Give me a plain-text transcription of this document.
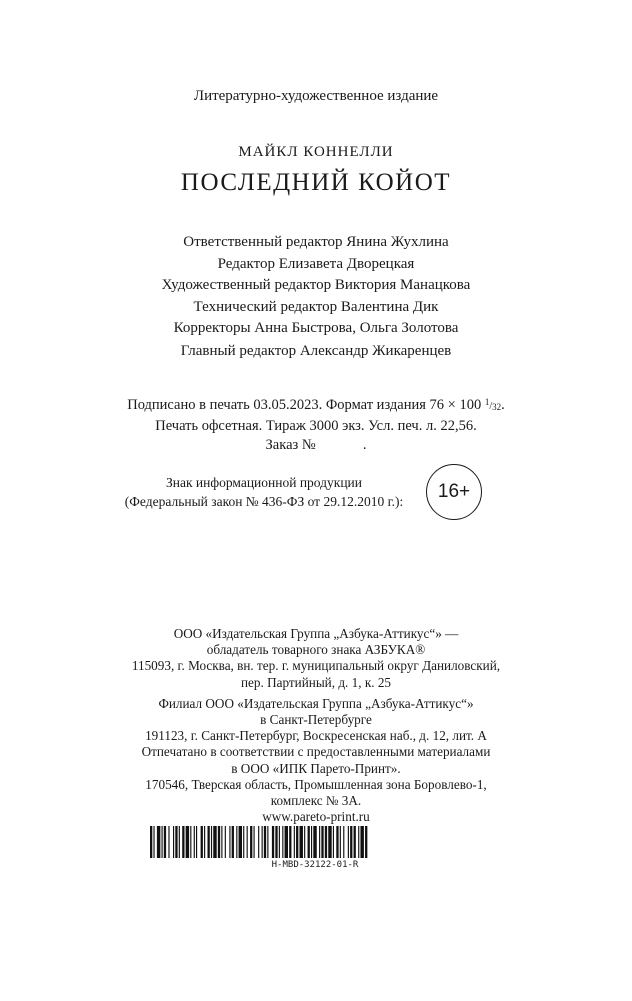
Литературно-художественное издание
МАЙКЛ КОННЕЛЛИ
ПОСЛЕДНИЙ КОЙОТ
Ответственный редактор Янина Жухлина
Редактор Елизавета Дворецкая
Художественный редактор Виктория Манацкова
Технический редактор Валентина Дик
Корректоры Анна Быстрова, Ольга Золотова
Главный редактор Александр Жикаренцев
Подписано в печать 03.05.2023. Формат издания 76 × 100 $^1/_{32}$.
Печать офсетная. Тираж 3000 экз. Усл. печ. л. 22,56.
Заказ №             .
Знак информационной продукции
(Федеральный закон № 436-ФЗ от 29.12.2010 г.):	16+
ООО «Издательская Группа „Азбука-Аттикус“» —
обладатель товарного знака АЗБУКА®
115093, г. Москва, вн. тер. г. муниципальный округ Даниловский,
пер. Партийный, д. 1, к. 25
Филиал ООО «Издательская Группа „Азбука-Аттикус“»
в Санкт-Петербурге
191123, г. Санкт-Петербург, Воскресенская наб., д. 12, лит. А
Отпечатано в соответствии с предоставленными материалами
в ООО «ИПК Парето-Принт».
170546, Тверская область, Промышленная зона Боровлево-1,
комплекс № 3А.
www.pareto-print.ru
H-MBD-32122-01-R
